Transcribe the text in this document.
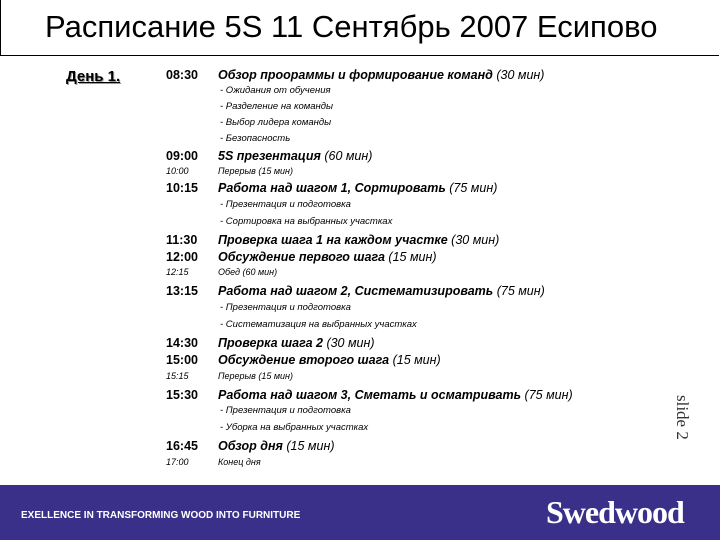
Расписание 5S 11 Сентябрь 2007 Есипово
День 1.	08:30 Обзор проораммы и формирование команд (30 мин)
- Ожидания от обучения
- Разделение на команды
- Выбор лидера команды
- Безопасность
09:00 5S презентация (60 мин)
10:00	Перерыв (15 мин)
10:15 Работа над шагом 1, Сортировать (75 мин)
- Презентация и подготовка
- Сортировка на выбранных участках
11:30 Проверка шага 1 на каждом участке (30 мин)
12:00 Обсуждение первого шага (15 мин)
12:15	Обед (60 мин)
13:15 Работа над шагом 2, Систематизировать (75 мин)
- Презентация и подготовка
- Систематизация на выбранных участках
14:30 Проверка шага 2 (30 мин)
15:00 Обсуждение второго шага (15 мин)
15:15	Перерыв (15 мин)
15:30 Работа над шагом 3, Сметать и осматривать (75 мин)
- Презентация и подготовка
- Уборка на выбранных участках
16:45 Обзор дня (15 мин)
17:00	Конец дня
slide 2
EXELLENCE IN TRANSFORMING WOOD INTO FURNITURE	Swedwood
